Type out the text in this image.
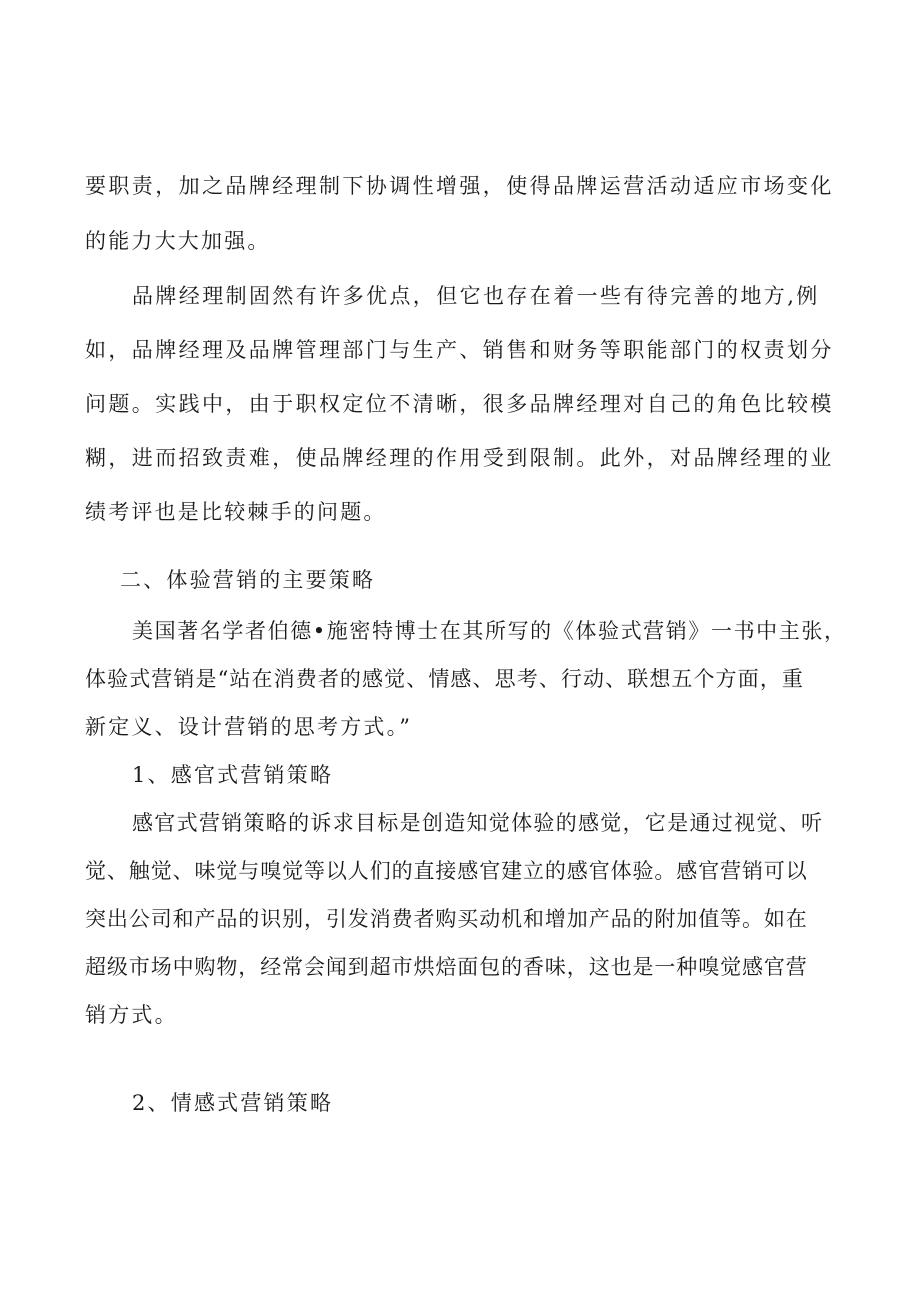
要职责，加之品牌经理制下协调性增强，使得品牌运营活动适应市场变化
的能力大大加强。
品牌经理制固然有许多优点，但它也存在着一些有待完善的地方,例
如，品牌经理及品牌管理部门与生产、销售和财务等职能部门的权责划分
问题。实践中，由于职权定位不清晰，很多品牌经理对自己的角色比较模
糊，进而招致责难，使品牌经理的作用受到限制。此外，对品牌经理的业
绩考评也是比较棘手的问题。
二、体验营销的主要策略
美国著名学者伯德•施密特博士在其所写的《体验式营销》一书中主张，
体验式营销是“站在消费者的感觉、情感、思考、行动、联想五个方面，重
新定义、设计营销的思考方式。”
1、感官式营销策略
感官式营销策略的诉求目标是创造知觉体验的感觉，它是通过视觉、听
觉、触觉、味觉与嗅觉等以人们的直接感官建立的感官体验。感官营销可以
突出公司和产品的识别，引发消费者购买动机和增加产品的附加值等。如在
超级市场中购物，经常会闻到超市烘焙面包的香味，这也是一种嗅觉感官营
销方式。
2、情感式营销策略
